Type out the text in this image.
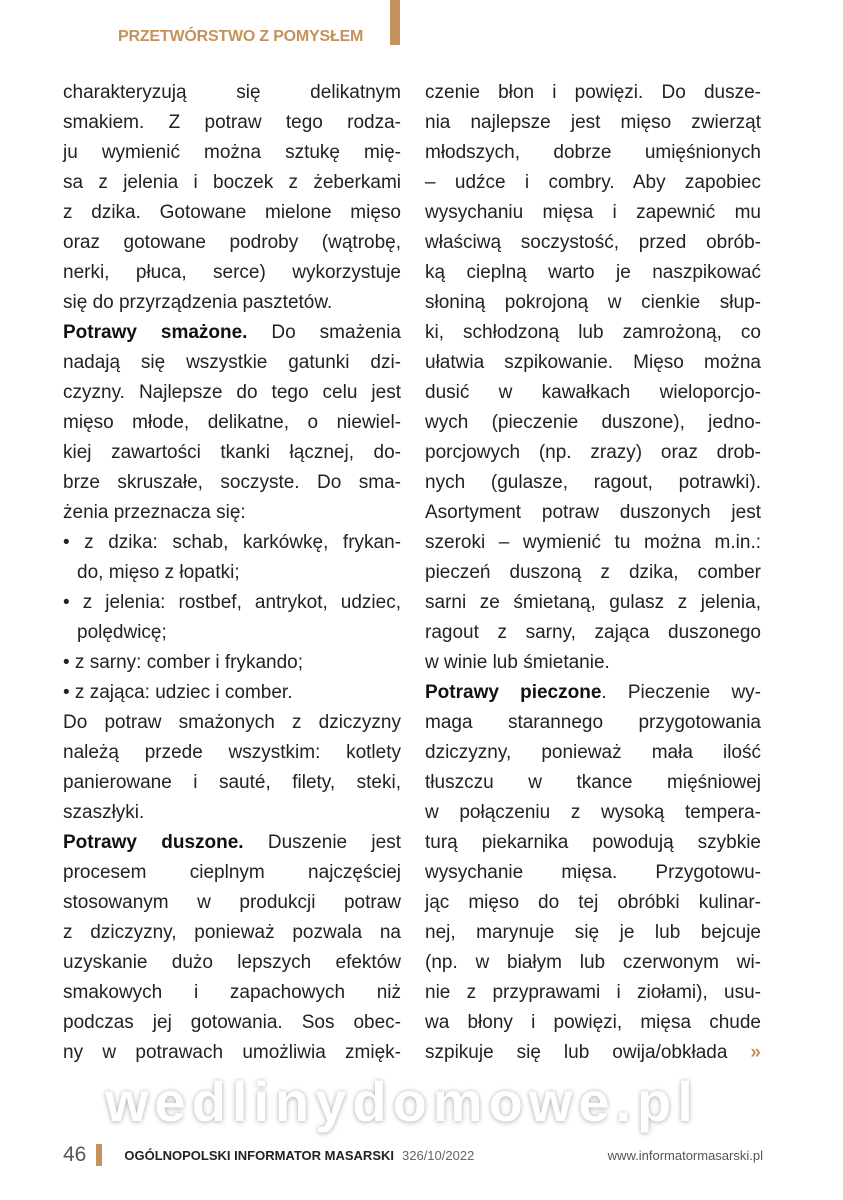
PRZETWÓRSTWO Z POMYSŁEM
charakteryzują się delikatnym
smakiem. Z potraw tego rodza-
ju wymienić można sztukę mię-
sa z jelenia i boczek z żeberkami
z dzika. Gotowane mielone mięso
oraz gotowane podroby (wątrobę,
nerki, płuca, serce) wykorzystuje
się do przyrządzenia pasztetów.
Potrawy smażone. Do smażenia
nadają się wszystkie gatunki dzi-
czyzny. Najlepsze do tego celu jest
mięso młode, delikatne, o niewiel-
kiej zawartości tkanki łącznej, do-
brze skruszałe, soczyste. Do sma-
żenia przeznacza się:
• z dzika: schab, karkówkę, frykan-
do, mięso z łopatki;
• z jelenia: rostbef, antrykot, udziec,
polędwicę;
• z sarny: comber i frykando;
• z zająca: udziec i comber.
Do potraw smażonych z dziczyzny
należą przede wszystkim: kotlety
panierowane i sauté, filety, steki,
szaszłyki.
Potrawy duszone. Duszenie jest
procesem cieplnym najczęściej
stosowanym w produkcji potraw
z dziczyzny, ponieważ pozwala na
uzyskanie dużo lepszych efektów
smakowych i zapachowych niż
podczas jej gotowania. Sos obec-
ny w potrawach umożliwia zmięk-
czenie błon i powięzi. Do dusze-
nia najlepsze jest mięso zwierząt
młodszych, dobrze umięśnionych
– udźce i combry. Aby zapobiec
wysychaniu mięsa i zapewnić mu
właściwą soczystość, przed obrób-
ką cieplną warto je naszpikować
słoniną pokrojoną w cienkie słup-
ki, schłodzoną lub zamrożoną, co
ułatwia szpikowanie. Mięso można
dusić w kawałkach wieloporcjo-
wych (pieczenie duszone), jedno-
porcjowych (np. zrazy) oraz drob-
nych (gulasze, ragout, potrawki).
Asortyment potraw duszonych jest
szeroki – wymienić tu można m.in.:
pieczeń duszoną z dzika, comber
sarni ze śmietaną, gulasz z jelenia,
ragout z sarny, zająca duszonego
w winie lub śmietanie.
Potrawy pieczone. Pieczenie wy-
maga starannego przygotowania
dziczyzny, ponieważ mała ilość
tłuszczu w tkance mięśniowej
w połączeniu z wysoką tempera-
turą piekarnika powodują szybkie
wysychanie mięsa. Przygotowu-
jąc mięso do tej obróbki kulinar-
nej, marynuje się je lub bejcuje
(np. w białym lub czerwonym wi-
nie z przyprawami i ziołami), usu-
wa błony i powięzi, mięsa chude
szpikuje się lub owija/obkłada »
wedlinydomowe.pl
46	OGÓLNOPOLSKI INFORMATOR MASARSKI 326/10/2022	www.informatormasarski.pl
